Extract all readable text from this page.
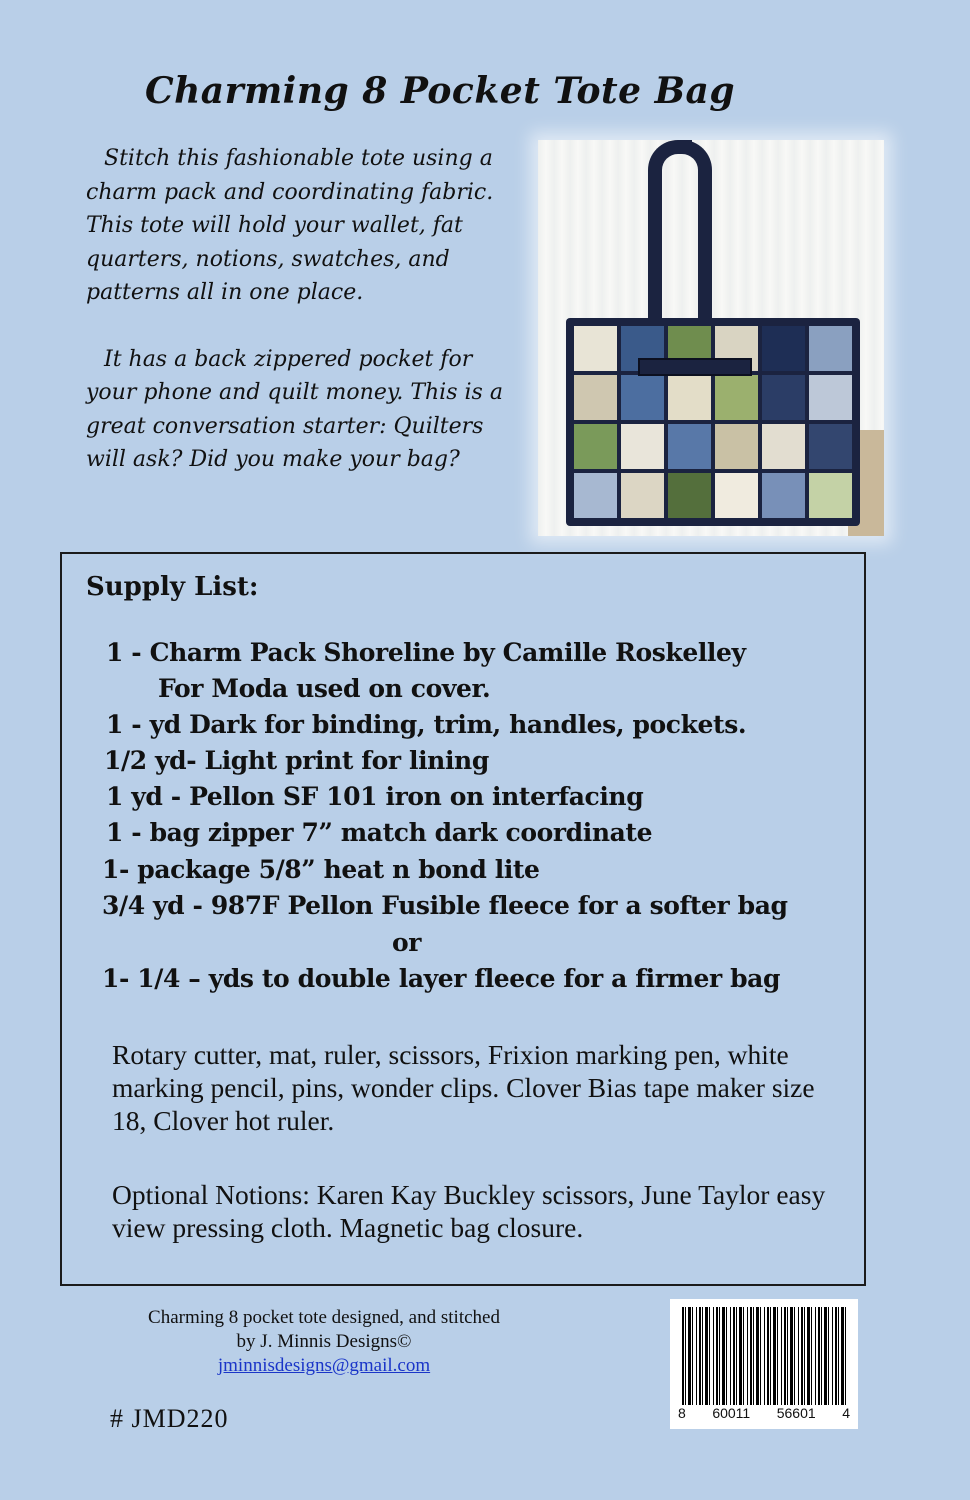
Charming 8 Pocket Tote Bag

Stitch this fashionable tote using a charm pack and coordinating fabric. This tote will hold your wallet, fat quarters, notions, swatches, and patterns all in one place.

It has a back zippered pocket for your phone and quilt money. This is a great conversation starter: Quilters will ask? Did you make your bag?

Supply List:
1 - Charm Pack Shoreline by Camille Roskelley
For Moda used on cover.
1 - yd Dark for binding, trim, handles, pockets.
1/2 yd- Light print for lining
1 yd - Pellon SF 101 iron on interfacing
1 - bag zipper 7” match dark coordinate
1- package 5/8” heat n bond lite
3/4 yd - 987F Pellon Fusible fleece for a softer bag
or
1- 1/4 – yds to double layer fleece for a firmer bag
Rotary cutter, mat, ruler, scissors, Frixion marking pen, white marking pencil, pins, wonder clips. Clover Bias tape maker size 18, Clover hot ruler.
Optional Notions: Karen Kay Buckley scissors, June Taylor easy view pressing cloth. Magnetic bag closure.
Charming 8 pocket tote designed, and stitched
by J. Minnis Designs©
jminnisdesigns@gmail.com
# JMD220	8 60011 56601 4
